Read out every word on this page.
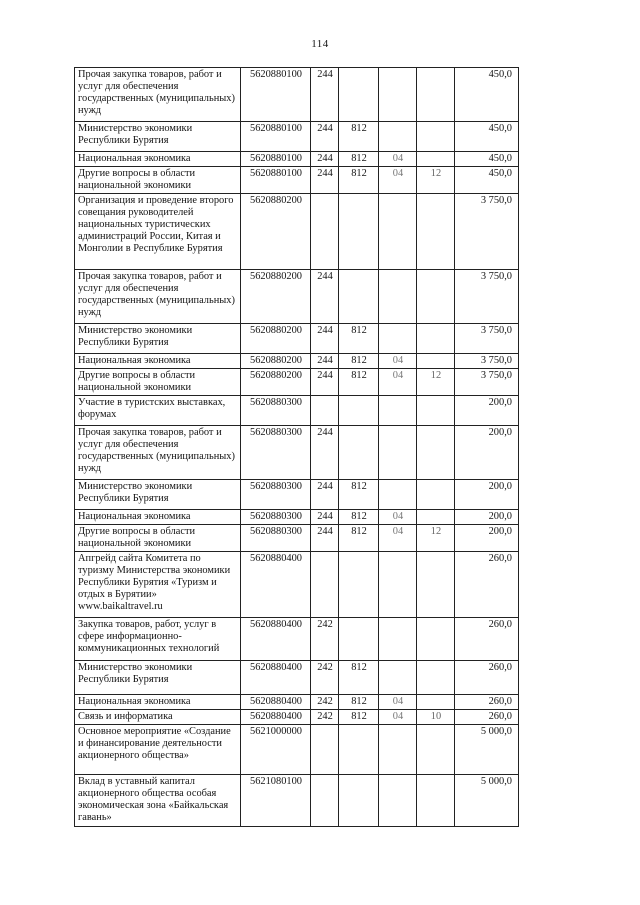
114
Прочая закупка товаров, работ и услуг для обеспечения государственных (муниципальных) нужд	5620880100	244				450,0
Министерство экономики Республики Бурятия	5620880100	244	812			450,0
Национальная экономика	5620880100	244	812	04		450,0
Другие вопросы в области национальной экономики	5620880100	244	812	04	12	450,0
Организация и проведение второго совещания руководителей национальных туристических администраций России, Китая и Монголии в Республике Бурятия	5620880200					3 750,0
Прочая закупка товаров, работ и услуг для обеспечения государственных (муниципальных) нужд	5620880200	244				3 750,0
Министерство экономики Республики Бурятия	5620880200	244	812			3 750,0
Национальная экономика	5620880200	244	812	04		3 750,0
Другие вопросы в области национальной экономики	5620880200	244	812	04	12	3 750,0
Участие в туристских выставках, форумах	5620880300					200,0
Прочая закупка товаров, работ и услуг для обеспечения государственных (муниципальных) нужд	5620880300	244				200,0
Министерство экономики Республики Бурятия	5620880300	244	812			200,0
Национальная экономика	5620880300	244	812	04		200,0
Другие вопросы в области национальной экономики	5620880300	244	812	04	12	200,0
Апгрейд сайта Комитета по туризму Министерства экономики Республики Бурятия «Туризм и отдых в Бурятии» www.baikaltravel.ru	5620880400					260,0
Закупка товаров, работ, услуг в сфере информационно-коммуникационных технологий	5620880400	242				260,0
Министерство экономики Республики Бурятия	5620880400	242	812			260,0
Национальная экономика	5620880400	242	812	04		260,0
Связь и информатика	5620880400	242	812	04	10	260,0
Основное мероприятие «Создание и финансирование деятельности акционерного общества»	5621000000					5 000,0
Вклад в уставный капитал акционерного общества особая экономическая зона «Байкальская гавань»	5621080100					5 000,0
